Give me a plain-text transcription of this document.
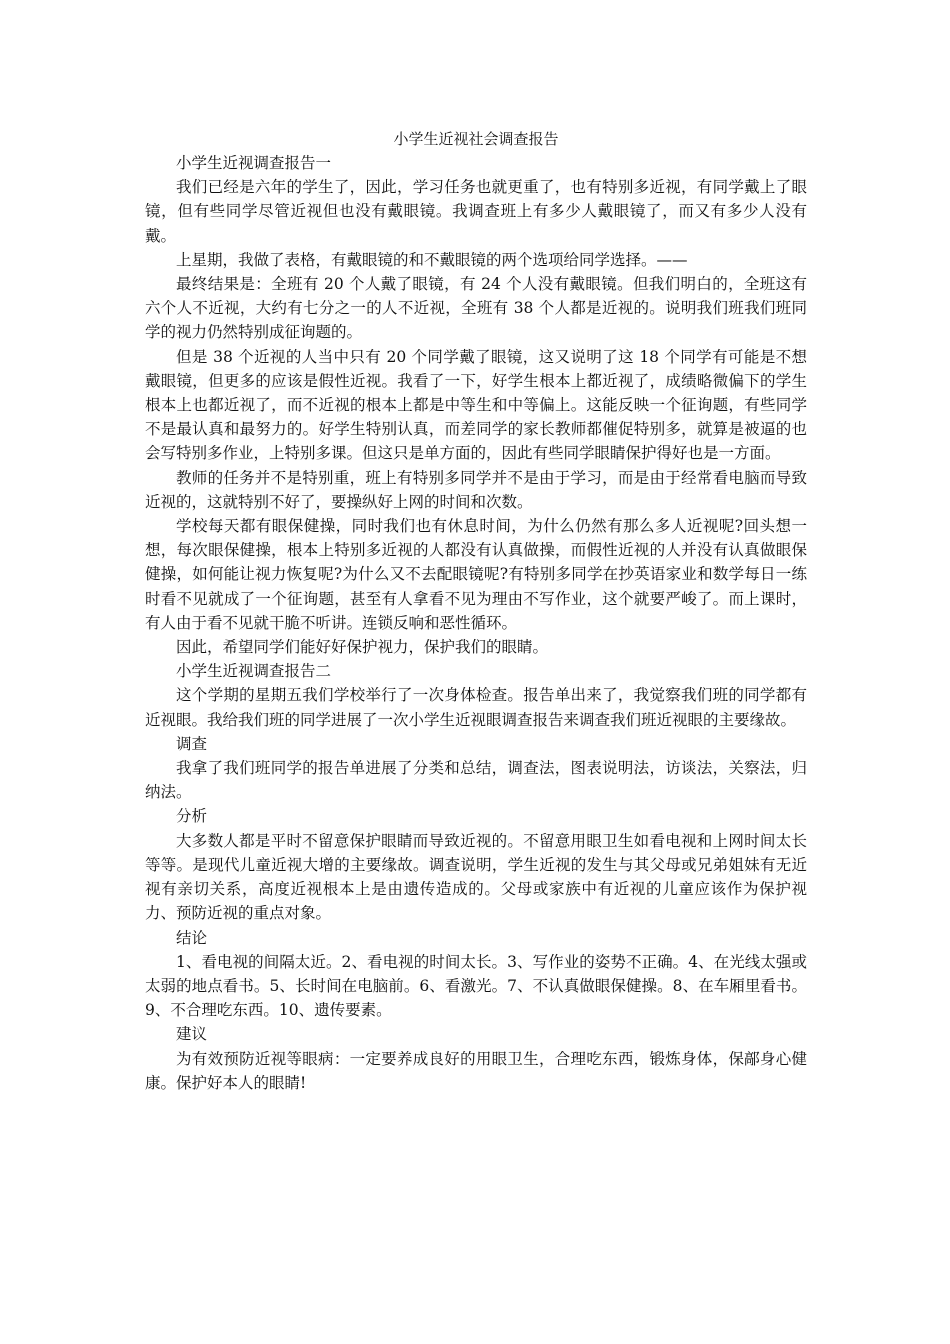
小学生近视社会调查报告

小学生近视调查报告一

我们已经是六年的学生了，因此，学习任务也就更重了，也有特别多近视，有同学戴上了眼镜，但有些同学尽管近视但也没有戴眼镜。我调查班上有多少人戴眼镜了，而又有多少人没有戴。

上星期，我做了表格，有戴眼镜的和不戴眼镜的两个选项给同学选择。——

最终结果是：全班有 20 个人戴了眼镜，有 24 个人没有戴眼镜。但我们明白的，全班这有六个人不近视，大约有七分之一的人不近视，全班有 38 个人都是近视的。说明我们班我们班同学的视力仍然特别成征询题的。

但是 38 个近视的人当中只有 20 个同学戴了眼镜，这又说明了这 18 个同学有可能是不想戴眼镜，但更多的应该是假性近视。我看了一下，好学生根本上都近视了，成绩略微偏下的学生根本上也都近视了，而不近视的根本上都是中等生和中等偏上。这能反映一个征询题，有些同学不是最认真和最努力的。好学生特别认真，而差同学的家长教师都催促特别多，就算是被逼的也会写特别多作业，上特别多课。但这只是单方面的，因此有些同学眼睛保护得好也是一方面。

教师的任务并不是特别重，班上有特别多同学并不是由于学习，而是由于经常看电脑而导致近视的，这就特别不好了，要操纵好上网的时间和次数。

学校每天都有眼保健操，同时我们也有休息时间，为什么仍然有那么多人近视呢?回头想一想，每次眼保健操，根本上特别多近视的人都没有认真做操，而假性近视的人并没有认真做眼保健操，如何能让视力恢复呢?为什么又不去配眼镜呢?有特别多同学在抄英语家业和数学每日一练时看不见就成了一个征询题，甚至有人拿看不见为理由不写作业，这个就要严峻了。而上课时，有人由于看不见就干脆不听讲。连锁反响和恶性循环。

因此，希望同学们能好好保护视力，保护我们的眼睛。

小学生近视调查报告二

这个学期的星期五我们学校举行了一次身体检查。报告单出来了，我觉察我们班的同学都有近视眼。我给我们班的同学进展了一次小学生近视眼调查报告来调查我们班近视眼的主要缘故。

调查

我拿了我们班同学的报告单进展了分类和总结，调查法，图表说明法，访谈法，关察法，归纳法。

分析

大多数人都是平时不留意保护眼睛而导致近视的。不留意用眼卫生如看电视和上网时间太长等等。是现代儿童近视大增的主要缘故。调查说明，学生近视的发生与其父母或兄弟姐妹有无近视有亲切关系，高度近视根本上是由遗传造成的。父母或家族中有近视的儿童应该作为保护视力、预防近视的重点对象。

结论

1、看电视的间隔太近。2、看电视的时间太长。3、写作业的姿势不正确。4、在光线太强或太弱的地点看书。5、长时间在电脑前。6、看激光。7、不认真做眼保健操。8、在车厢里看书。9、不合理吃东西。10、遗传要素。

建议

为有效预防近视等眼病：一定要养成良好的用眼卫生，合理吃东西，锻炼身体，保鄗身心健康。保护好本人的眼睛!
